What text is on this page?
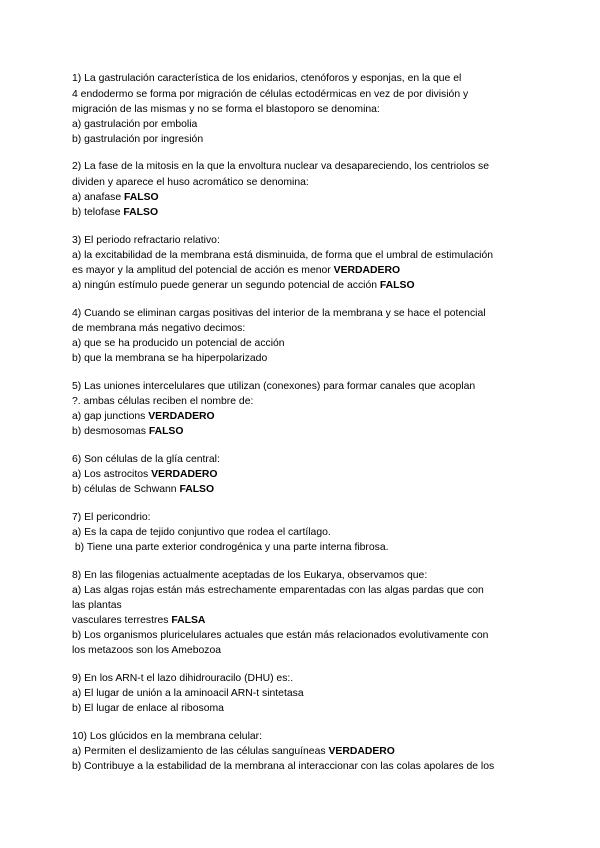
1) La gastrulación característica de los enidarios, ctenóforos y esponjas, en la que el
4 endodermo se forma por migración de células ectodérmicas en vez de por división y
migración de las mismas y no se forma el blastoporo se denomina:
a) gastrulación por embolia
b) gastrulación por ingresión
2) La fase de la mitosis en la que la envoltura nuclear va desapareciendo, los centriolos se
dividen y aparece el huso acromático se denomina:
a) anafase FALSO
b) telofase FALSO
3) El periodo refractario relativo:
a) la excitabilidad de la membrana está disminuida, de forma que el umbral de estimulación
es mayor y la amplitud del potencial de acción es menor VERDADERO
a) ningún estímulo puede generar un segundo potencial de acción FALSO
4) Cuando se eliminan cargas positivas del interior de la membrana y se hace el potencial
de membrana más negativo decimos:
a) que se ha producido un potencial de acción
b) que la membrana se ha hiperpolarizado
5) Las uniones intercelulares que utilizan (conexones) para formar canales que acoplan
?. ambas células reciben el nombre de:
a) gap junctions VERDADERO
b) desmosomas FALSO
6) Son células de la glía central:
a) Los astrocitos VERDADERO
b) células de Schwann FALSO
7) El pericondrio:
a) Es la capa de tejido conjuntivo que rodea el cartílago.
b) Tiene una parte exterior condrogénica y una parte interna fibrosa.
8) En las filogenias actualmente aceptadas de los Eukarya, observamos que:
a) Las algas rojas están más estrechamente emparentadas con las algas pardas que con
las plantas
vasculares terrestres FALSA
b) Los organismos pluricelulares actuales que están más relacionados evolutivamente con
los metazoos son los Amebozoa
9) En los ARN-t el lazo dihidrouracilo (DHU) es:.
a) El lugar de unión a la aminoacil ARN-t sintetasa
b) El lugar de enlace al ribosoma
10) Los glúcidos en la membrana celular:
a) Permiten el deslizamiento de las células sanguíneas VERDADERO
b) Contribuye a la estabilidad de la membrana al interaccionar con las colas apolares de los
